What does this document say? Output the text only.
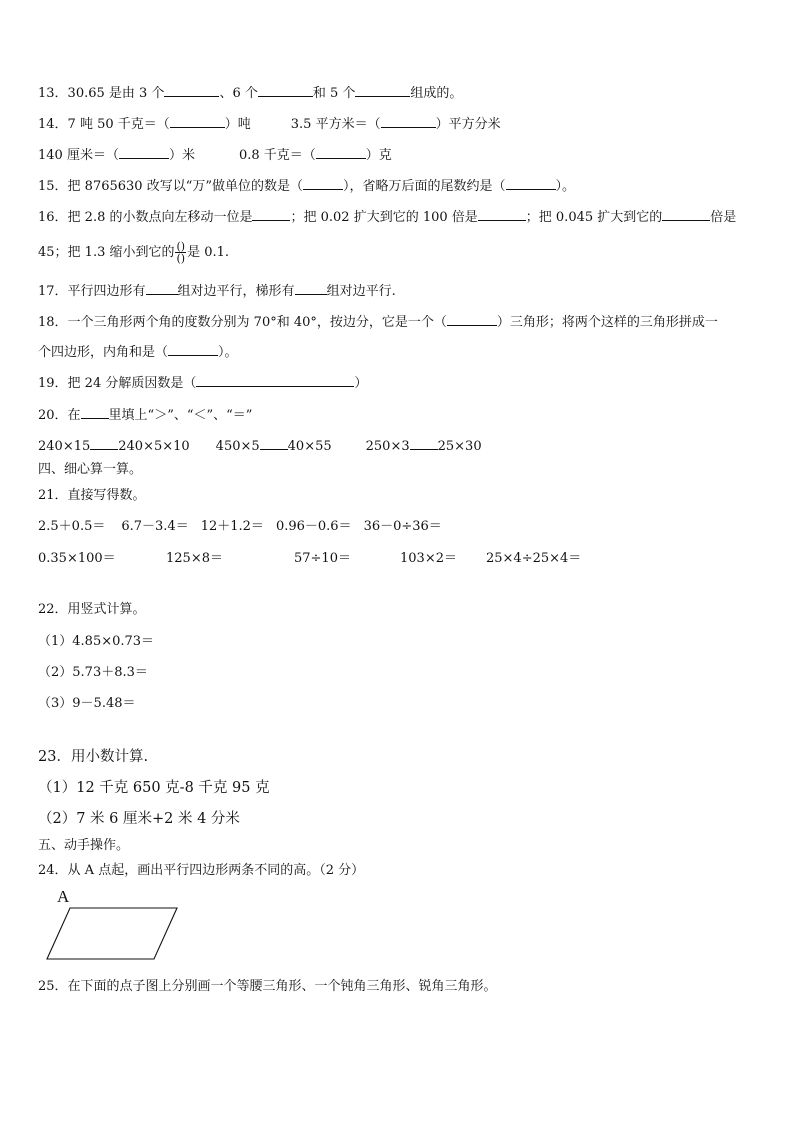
13．30.65 是由 3 个	、6 个	和 5 个	组成的。
14．7 吨 50 千克＝（	）吨	3.5 平方米＝（	）平方分米
140 厘米＝（	）米	0.8 千克＝（	）克
15．把 8765630 改写以“万”做单位的数是（	），省略万后面的尾数约是（	）。
16．把 2.8 的小数点向左移动一位是	；把 0.02 扩大到它的 100 倍是	；把 0.045 扩大到它的	倍是
45；把 1.3 缩小到它的 $\frac{()}{()}$ 是 0.1.
17．平行四边形有 组对边平行，梯形有 组对边平行.
18．一个三角形两个角的度数分别为 70°和 40°，按边分，它是一个（	）三角形；将两个这样的三角形拼成一
个四边形，内角和是（	）。
19．把 24 分解质因数是（	）
20．在 里填上“＞”、“＜”、“＝”
240×15 240×5×10 450×5 40×55	250×3 25×30
四、细心算一算。
21．直接写得数。
2.5＋0.5＝ 6.7－3.4＝ 12＋1.2＝ 0.96－0.6＝ 36－0÷36＝
0.35×100＝	125×8＝	57÷10＝	103×2＝ 25×4÷25×4＝
22．用竖式计算。
（1）4.85×0.73＝
（2）5.73＋8.3＝
（3）9－5.48＝
23．用小数计算.
（1）12 千克 650 克-8 千克 95 克
（2）7 米 6 厘米+2 米 4 分米
五、动手操作。
24．从 A 点起，画出平行四边形两条不同的高。（2 分）
A
25．在下面的点子图上分别画一个等腰三角形、一个钝角三角形、锐角三角形。
